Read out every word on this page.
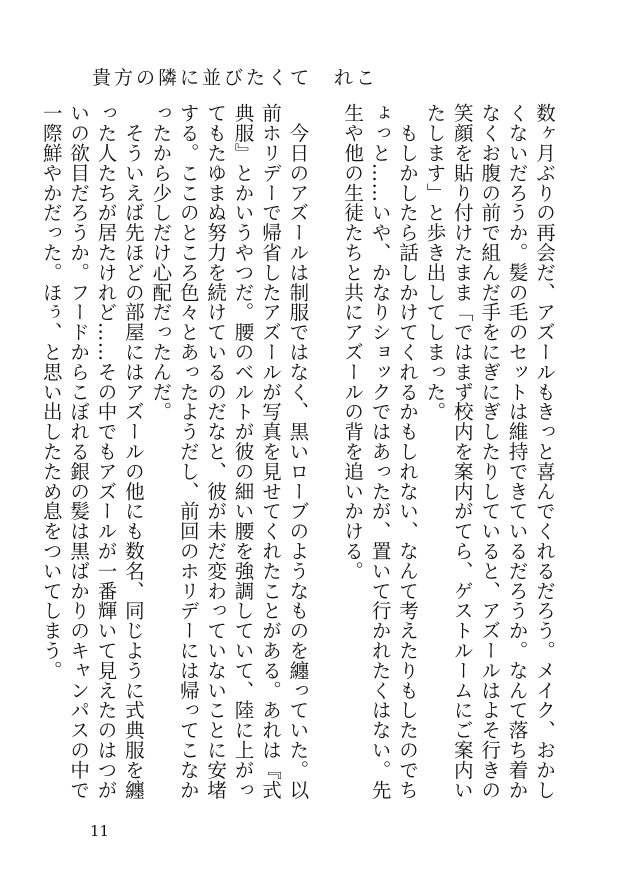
貴方の隣に並びたくて　 れこ

数ヶ月ぶりの再会だ、アズールもきっと喜んでくれるだろう。メイク、おかしくないだろうか。髪の毛のセットは維持できているだろうか。なんて落ち着かなくお腹の前で組んだ手をにぎにぎしたりしていると、アズールはよそ行きの笑顔を貼り付けたまま「ではまず校内を案内がてら、ゲストルームにご案内いたします」と歩き出してしまった。

　もしかしたら話しかけてくれるかもしれない、なんて考えたりもしたのでちょっと……いや、かなりショックではあったが、置いて行かれたくはない。先生や他の生徒たちと共にアズールの背を追いかける。

　今日のアズールは制服ではなく、黒いローブのようなものを纏っていた。以前ホリデーで帰省したアズールが写真を見せてくれたことがある。あれは『式典服』とかいうやつだ。腰のベルトが彼の細い腰を強調していて、陸に上がってもたゆまぬ努力を続けているのだなと、彼が未だ変わっていないことに安堵する。ここのところ色々とあったようだし、前回のホリデーには帰ってこなかったから少しだけ心配だったんだ。

　そういえば先ほどの部屋にはアズールの他にも数名、同じように式典服を纏った人たちが居たけれど……その中でもアズールが一番輝いて見えたのはつがいの欲目だろうか。フードからこぼれる銀の髪は黒ばかりのキャンパスの中で一際鮮やかだった。ほぅ、と思い出したため息をついてしまう。

11
